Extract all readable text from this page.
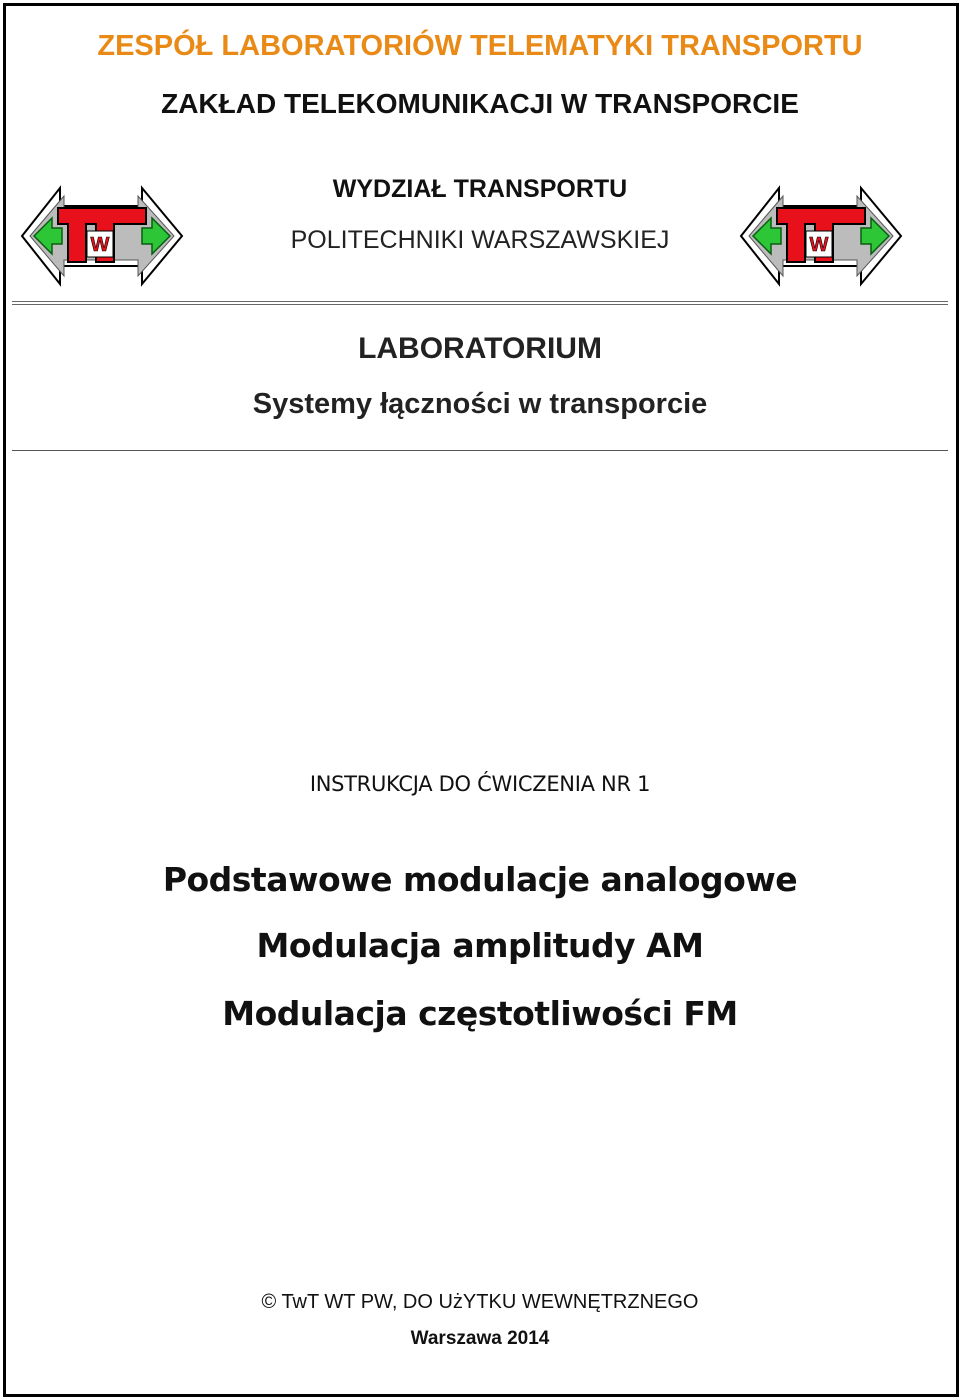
ZESPÓŁ LABORATORIÓW TELEMATYKI TRANSPORTU
ZAKŁAD TELEKOMUNIKACJI W TRANSPORCIE
WYDZIAŁ TRANSPORTU
POLITECHNIKI WARSZAWSKIEJ
W	W
LABORATORIUM
Systemy łączności w transporcie
INSTRUKCJA DO ĆWICZENIA NR 1
Podstawowe modulacje analogowe
Modulacja amplitudy AM
Modulacja częstotliwości FM
© TwT WT PW, DO UżYTKU WEWNĘTRZNEGO
Warszawa 2014
